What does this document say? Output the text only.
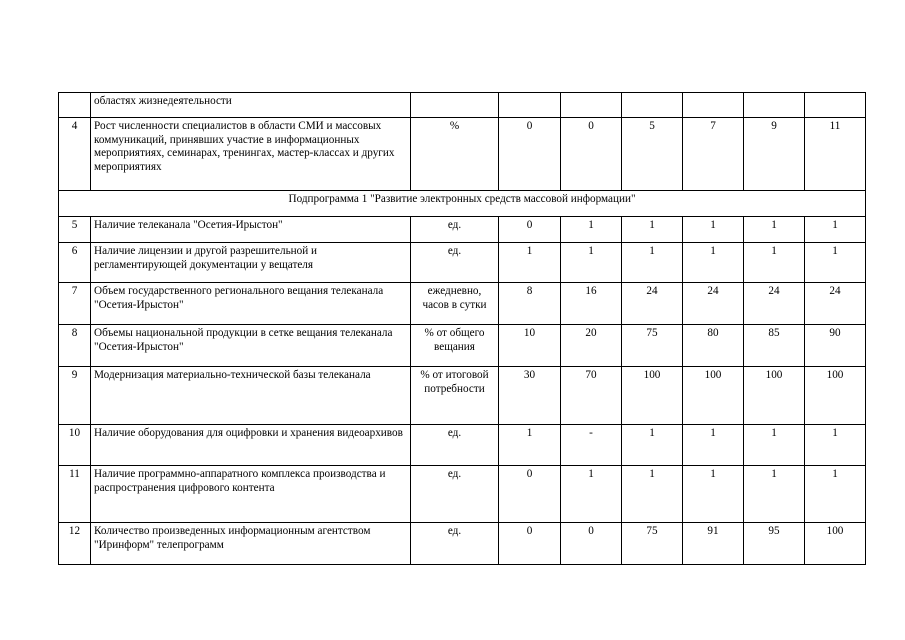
	областях жизнедеятельности							
4	Рост численности специалистов в области СМИ и массовых коммуникаций, принявших участие в информационных мероприятиях, семинарах, тренингах, мастер-классах и других мероприятиях	%	0	0	5	7	9	11
Подпрограмма 1 "Развитие электронных средств массовой информации"								
5	Наличие телеканала "Осетия-Ирыстон"	ед.	0	1	1	1	1	1
6	Наличие лицензии и другой разрешительной и регламентирующей документации у вещателя	ед.	1	1	1	1	1	1
7	Объем государственного регионального вещания телеканала "Осетия-Ирыстон"	ежедневно, часов в сутки	8	16	24	24	24	24
8	Объемы национальной продукции в сетке вещания телеканала "Осетия-Ирыстон"	% от общего вещания	10	20	75	80	85	90
9	Модернизация материально-технической базы телеканала	% от итоговой потребности	30	70	100	100	100	100
10	Наличие оборудования для оцифровки и хранения видеоархивов	ед.	1	-	1	1	1	1
11	Наличие программно-аппаратного комплекса производства и распространения цифрового контента	ед.	0	1	1	1	1	1
12	Количество произведенных информационным агентством "Иринформ" телепрограмм	ед.	0	0	75	91	95	100
